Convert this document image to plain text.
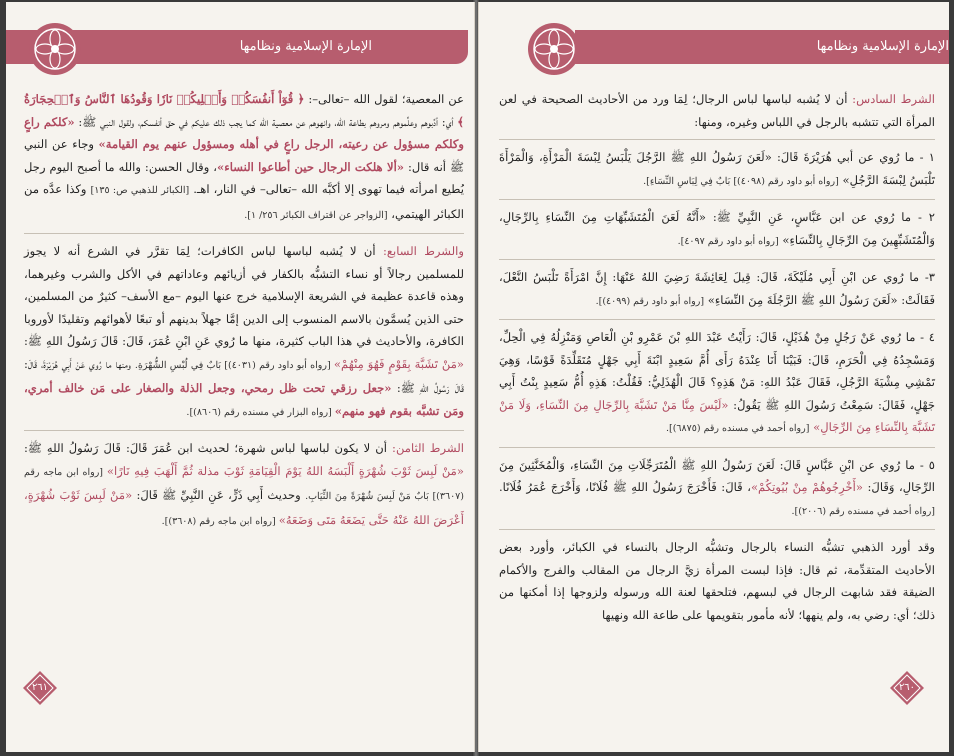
الإمارة الإسلامية ونظامها

عن المعصية؛ لقول الله –تعالى–: ﴿ قُوٓاْ أَنفُسَكُمۡ وَأَهۡلِيكُمۡ نَارٗا وَقُودُهَا ٱلنَّاسُ وَٱلۡحِجَارَةُ ﴾ أي: أدِّبوهم وعلِّموهم ومروهم بطاعة الله، وانهوهم عن معصية الله كما يجب ذلك عليكم في حق أنفسكم، ولقول النبي ﷺ: «كلكم راعٍ وكلكم مسؤول عن رعيته، الرجل راعٍ في أهله ومسؤول عنهم يوم القيامة» وجاء عن النبي ﷺ أنه قال: «ألا هلكت الرجال حين أطاعوا النساء»، وقال الحسن: والله ما أصبح اليوم رجل يُطيع امرأته فيما تهوى إلا أكبَّه الله –تعالى– في النار، اهـ. [الكبائر للذهبي ص: ١٣٥] وكذا عدَّه من الكبائر الهيتمي، [الزواجر عن اقتراف الكبائر ٢٥٦/ ١].

والشرط السابع: أن لا يُشبه لباسها لباس الكافرات؛ لِمَا تقرَّر في الشرع أنه لا يجوز للمسلمين رجالاً أو نساء التشبُّه بالكفار في أزيائهم وعاداتهم في الأكل والشرب وغيرهما، وهذه قاعدة عظيمة في الشريعة الإسلامية خرج عنها اليوم –مع الأسف– كثيرٌ من المسلمين، حتى الذين يُسمَّون بالاسم المنسوب إلى الدين إمَّا جهلاً بدينهم أو تبعًا لأهوائهم وتقليدًا لأوروبا الكافرة، والأحاديث في هذا الباب كثيرة، منها ما رُوي عَنِ ابْنِ عُمَرَ، قَالَ: قَالَ رَسُولُ اللهِ ﷺ: «مَنْ تَشَبَّهَ بِقَوْمٍ فَهُوَ مِنْهُمْ» [رواه أبو داود رقم (٤٠٣١)] بَابٌ فِي لُبْسِ الشُّهْرَةِ. ومنها ما رُوي عَنْ أَبِي هُرَيْرَةَ، قَالَ: قَالَ رَسُولُ اللهِ ﷺ: «جعل رزقي تحت ظل رمحي، وجعل الذلة والصغار على مَن خالف أمري، ومَن تشبَّه بقوم فهو منهم» [رواه البزار في مسنده رقم (٨٦٠٦)].

الشرط الثامن: أن لا يكون لباسها لباس شهرة؛ لحديث ابن عُمَرَ قَالَ: قَالَ رَسُولُ اللهِ ﷺ: «مَنْ لَبِسَ ثَوْبَ شُهْرَةٍ أَلْبَسَهُ اللهُ يَوْمَ الْقِيَامَةِ ثَوْبَ مذلة ثُمَّ أَلْهَبَ فِيهِ نَارًا» [رواه ابن ماجه رقم (٣٦٠٧)] بَابٌ مَنْ لَبِسَ شُهْرَةً مِنَ الثِّيَابِ. وحديث أَبِي ذَرٍّ، عَنِ النَّبِيِّ ﷺ قَالَ: «مَنْ لَبِسَ ثَوْبَ شُهْرَةٍ، أَعْرَضَ اللهُ عَنْهُ حَتَّى يَضَعَهُ مَتَى وَضَعَهُ» [رواه ابن ماجه رقم (٣٦٠٨)].

٢٦١
الإمارة الإسلامية ونظامها

الشرط السادس: أن لا يُشبه لباسها لباس الرجال؛ لِمَا ورد من الأحاديث الصحيحة في لعن المرأة التي تتشبه بالرجل في اللباس وغيره، ومنها:

١ - ما رُوي عن أبي هُرَيْرَةَ قَالَ: «لَعَنَ رَسُولُ اللهِ ﷺ الرَّجُلَ يَلْبَسُ لِبْسَةَ الْمَرْأَةِ، وَالْمَرْأَةَ تَلْبَسُ لِبْسَةَ الرَّجُلِ» [رواه أبو داود رقم (٤٠٩٨)] بَابٌ فِي لِبَاسِ النِّسَاءِ].

٢ - ما رُوي عن ابن عَبَّاسٍ، عَنِ النَّبِيِّ ﷺ: «أَنَّهُ لَعَنَ الْمُتَشَبِّهَاتِ مِنَ النِّسَاءِ بِالرِّجَالِ، وَالْمُتَشَبِّهِينَ مِنَ الرِّجَالِ بِالنِّسَاءِ» [رواه أبو داود رقم ٤٠٩٧].

٣- ما رُوي عن ابْنِ أَبِي مُلَيْكَةَ، قَالَ: قِيلَ لِعَائِشَةَ رَضِيَ اللهُ عَنْهَا: إِنَّ امْرَأَةً تَلْبَسُ النَّعْلَ، فَقَالَتْ: «لَعَنَ رَسُولُ اللهِ ﷺ الرَّجُلَةَ مِنَ النِّسَاءِ» [رواه أبو داود رقم (٤٠٩٩)].

٤ - ما رُوي عَنْ رَجُلٍ مِنْ هُذَيْلٍ، قَالَ: رَأَيْتُ عَبْدَ اللهِ بْنَ عَمْرِو بْنِ الْعَاصِ وَمَنْزِلُهُ فِي الْحِلِّ، وَمَسْجِدُهُ فِي الْحَرَمِ، قَالَ: فَبَيْنَا أَنَا عِنْدَهُ رَأَى أُمَّ سَعِيدٍ ابْنَةَ أَبِي جَهْلٍ مُتَقَلِّدَةً قَوْسًا، وَهِيَ تَمْشِي مِشْيَةَ الرَّجُلِ، فَقَالَ عَبْدُ اللهِ: مَنْ هَذِهِ؟ قَالَ الْهُذَلِيُّ: فَقُلْتُ: هَذِهِ أُمُّ سَعِيدٍ بِنْتُ أَبِي جَهْلٍ، فَقَالَ: سَمِعْتُ رَسُولَ اللهِ ﷺ يَقُولُ: «لَيْسَ مِنَّا مَنْ تَشَبَّهَ بِالرِّجَالِ مِنَ النِّسَاءِ، وَلَا مَنْ تَشَبَّهَ بِالنِّسَاءِ مِنَ الرِّجَالِ» [رواه أحمد في مسنده رقم (٦٨٧٥)].

٥ - ما رُوي عن ابْنِ عَبَّاسٍ قَالَ: لَعَنَ رَسُولُ اللهِ ﷺ الْمُتَرَجِّلَاتِ مِنَ النِّسَاءِ، وَالْمُخَنَّثِينَ مِنَ الرِّجَالِ، وَقَالَ: «أَخْرِجُوهُمْ مِنْ بُيُوتِكُمْ»، قَالَ: فَأَخْرَجَ رَسُولُ اللهِ ﷺ فُلَانًا، وَأَخْرَجَ عُمَرُ فُلَانًا. [رواه أحمد في مسنده رقم (٢٠٠٦)].

وقد أورد الذهبي تشبُّه النساء بالرجال وتشبُّه الرجال بالنساء في الكبائر، وأورد بعض الأحاديث المتقدِّمة، ثم قال: فإذا لبست المرأة زيَّ الرجال من المقالب والفرج والأكمام الضيقة فقد شابهت الرجال في لبسهم، فتلحقها لعنة الله ورسوله ولزوجها إذا أمكنها من ذلك؛ أي: رضي به، ولم ينهها؛ لأنه مأمور بتقويمها على طاعة الله ونهيها

٢٦٠
